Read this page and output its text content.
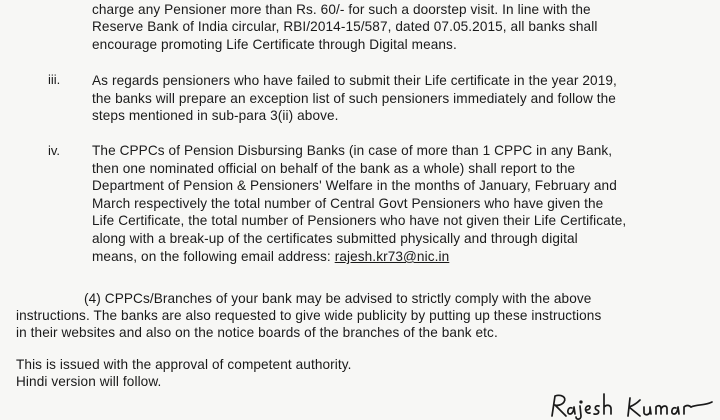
charge any Pensioner more than Rs. 60/- for such a doorstep visit. In line with the
Reserve Bank of India circular, RBI/2014-15/587, dated 07.05.2015, all banks shall
encourage promoting Life Certificate through Digital means.
iii. As regards pensioners who have failed to submit their Life certificate in the year 2019,
the banks will prepare an exception list of such pensioners immediately and follow the
steps mentioned in sub-para 3(ii) above.
iv. The CPPCs of Pension Disbursing Banks (in case of more than 1 CPPC in any Bank,
then one nominated official on behalf of the bank as a whole) shall report to the
Department of Pension & Pensioners' Welfare in the months of January, February and
March respectively the total number of Central Govt Pensioners who have given the
Life Certificate, the total number of Pensioners who have not given their Life Certificate,
along with a break-up of the certificates submitted physically and through digital
means, on the following email address: rajesh.kr73@nic.in
(4) CPPCs/Branches of your bank may be advised to strictly comply with the above
instructions. The banks are also requested to give wide publicity by putting up these instructions
in their websites and also on the notice boards of the branches of the bank etc.
This is issued with the approval of competent authority.
Hindi version will follow.
